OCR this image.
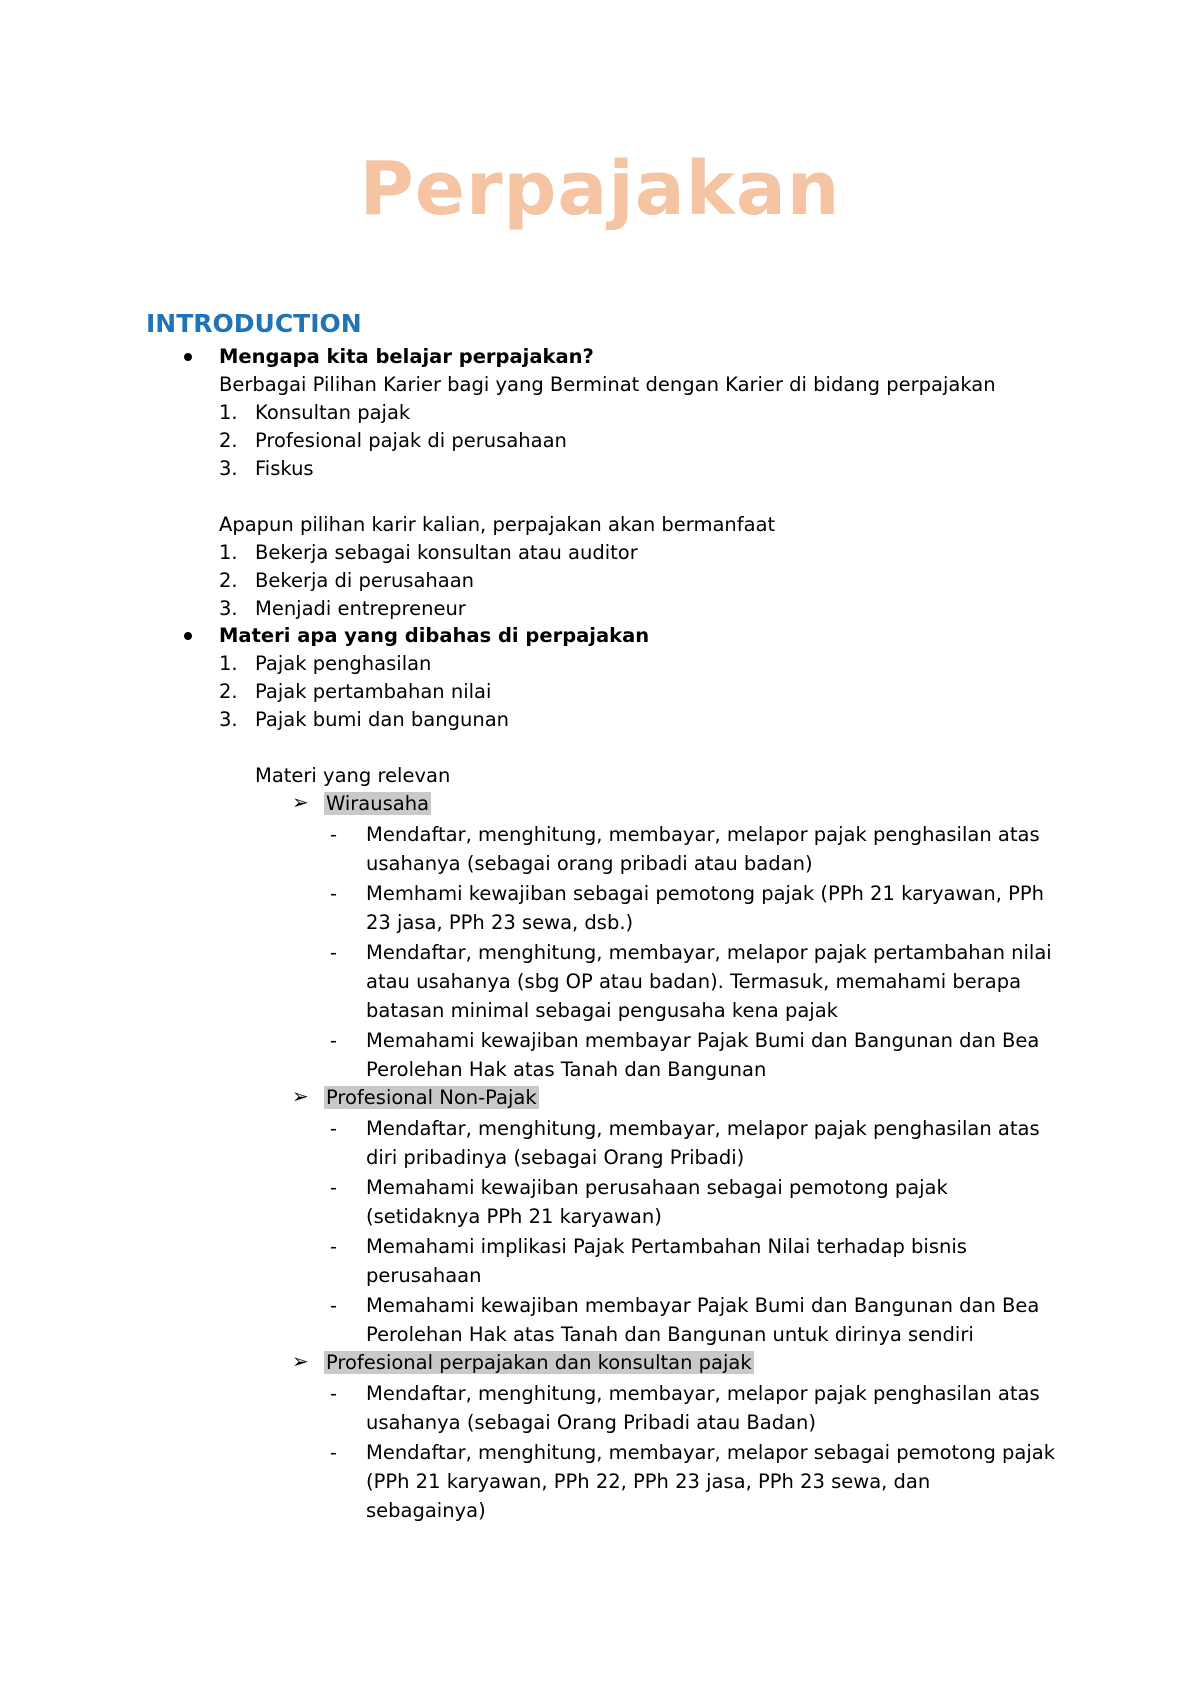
Perpajakan
INTRODUCTION
Mengapa kita belajar perpajakan?
Berbagai Pilihan Karier bagi yang Berminat dengan Karier di bidang perpajakan
1. Konsultan pajak
2. Profesional pajak di perusahaan
3. Fiskus
Apapun pilihan karir kalian, perpajakan akan bermanfaat
1. Bekerja sebagai konsultan atau auditor
2. Bekerja di perusahaan
3. Menjadi entrepreneur
Materi apa yang dibahas di perpajakan
1. Pajak penghasilan
2. Pajak pertambahan nilai
3. Pajak bumi dan bangunan
Materi yang relevan
➢ Wirausaha
- Mendaftar, menghitung, membayar, melapor pajak penghasilan atas
usahanya (sebagai orang pribadi atau badan)
- Memhami kewajiban sebagai pemotong pajak (PPh 21 karyawan, PPh
23 jasa, PPh 23 sewa, dsb.)
- Mendaftar, menghitung, membayar, melapor pajak pertambahan nilai
atau usahanya (sbg OP atau badan). Termasuk, memahami berapa
batasan minimal sebagai pengusaha kena pajak
- Memahami kewajiban membayar Pajak Bumi dan Bangunan dan Bea
Perolehan Hak atas Tanah dan Bangunan
➢ Profesional Non-Pajak
- Mendaftar, menghitung, membayar, melapor pajak penghasilan atas
diri pribadinya (sebagai Orang Pribadi)
- Memahami kewajiban perusahaan sebagai pemotong pajak
(setidaknya PPh 21 karyawan)
- Memahami implikasi Pajak Pertambahan Nilai terhadap bisnis
perusahaan
- Memahami kewajiban membayar Pajak Bumi dan Bangunan dan Bea
Perolehan Hak atas Tanah dan Bangunan untuk dirinya sendiri
➢ Profesional perpajakan dan konsultan pajak
- Mendaftar, menghitung, membayar, melapor pajak penghasilan atas
usahanya (sebagai Orang Pribadi atau Badan)
- Mendaftar, menghitung, membayar, melapor sebagai pemotong pajak
(PPh 21 karyawan, PPh 22, PPh 23 jasa, PPh 23 sewa, dan
sebagainya)
